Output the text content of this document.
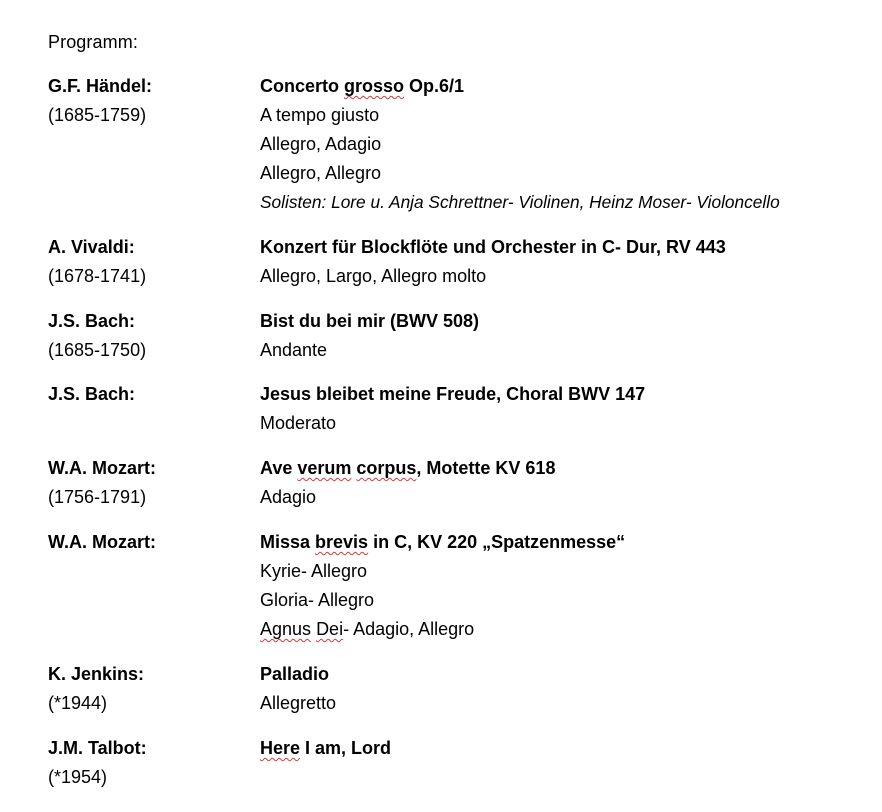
Programm:
G.F. Händel:
(1685-1759)
Concerto grosso Op.6/1
A tempo giusto
Allegro, Adagio
Allegro, Allegro
Solisten: Lore u. Anja Schrettner- Violinen, Heinz Moser- Violoncello
A. Vivaldi:
(1678-1741)
Konzert für Blockflöte und Orchester in C- Dur, RV 443
Allegro, Largo, Allegro molto
J.S. Bach:
(1685-1750)
Bist du bei mir (BWV 508)
Andante
J.S. Bach:	Jesus bleibet meine Freude, Choral BWV 147
Moderato
W.A. Mozart:
(1756-1791)
Ave verum corpus, Motette KV 618
Adagio
W.A. Mozart:	Missa brevis in C, KV 220 „Spatzenmesse“
Kyrie- Allegro
Gloria- Allegro
Agnus Dei- Adagio, Allegro
K. Jenkins:
(*1944)
Palladio
Allegretto
J.M. Talbot:
(*1954)
Here I am, Lord
